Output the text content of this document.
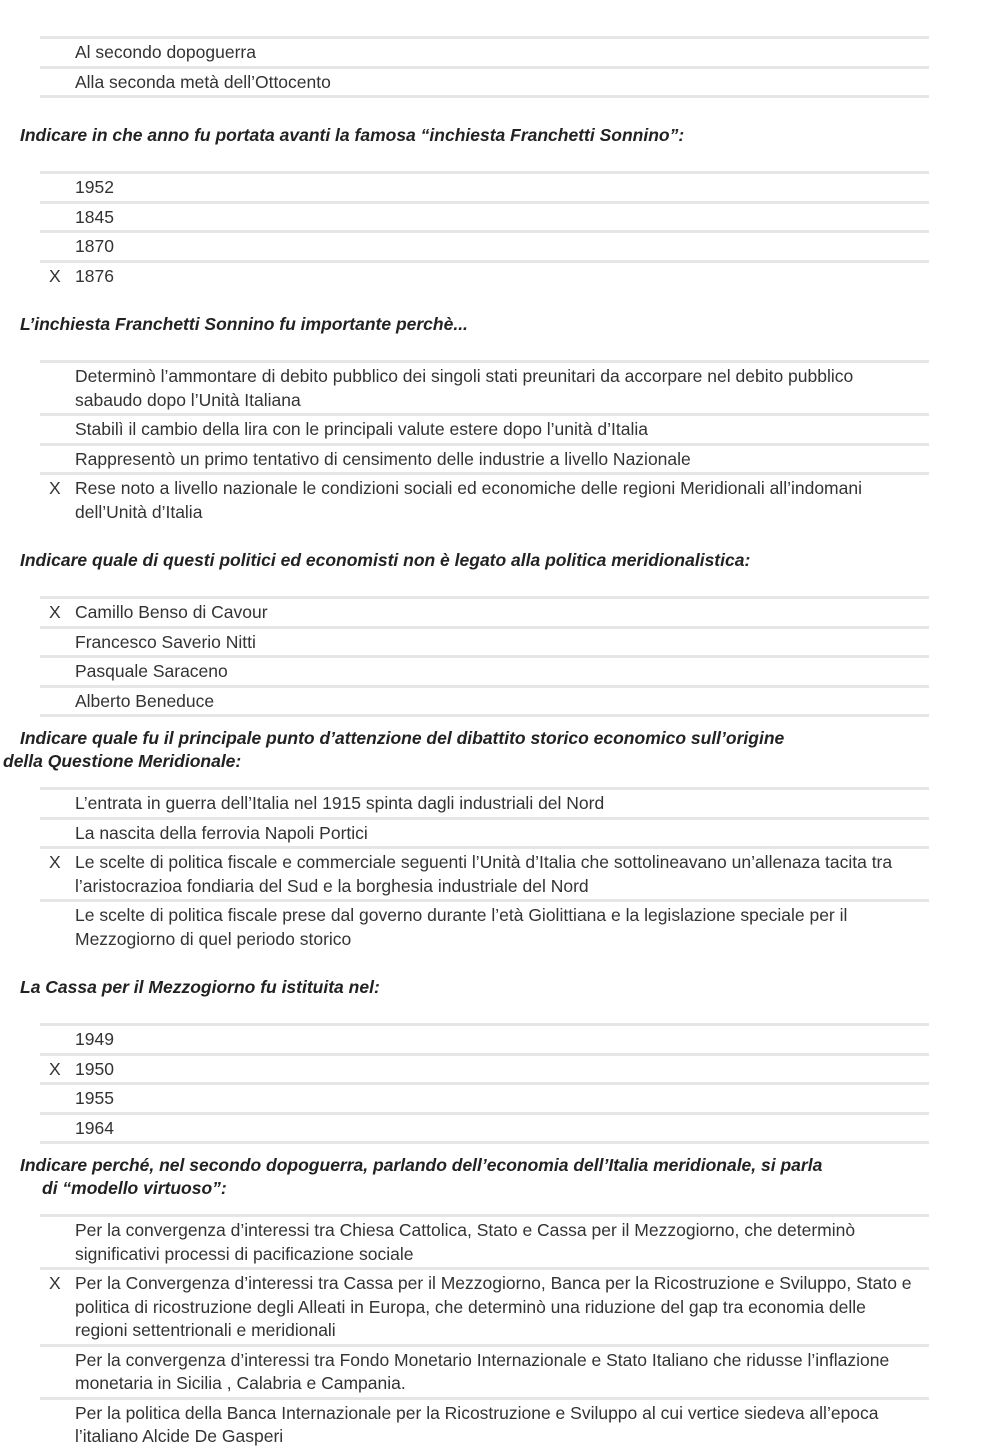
Al secondo dopoguerra
Alla seconda metà dell’Ottocento
Indicare in che anno fu portata avanti la famosa “inchiesta Franchetti Sonnino”:
1952
1845
1870
X 1876
L’inchiesta Franchetti Sonnino fu importante perchè...
Determinò l’ammontare di debito pubblico dei singoli stati preunitari da accorpare nel debito pubblico sabaudo dopo l’Unità Italiana
Stabilì il cambio della lira con le principali valute estere dopo l’unità d’Italia
Rappresentò un primo tentativo di censimento delle industrie a livello Nazionale
X Rese noto a livello nazionale le condizioni sociali ed economiche delle regioni Meridionali all’indomani dell’Unità d’Italia
Indicare quale di questi politici ed economisti non è legato alla politica meridionalistica:
X Camillo Benso di Cavour
Francesco Saverio Nitti
Pasquale Saraceno
Alberto Beneduce
Indicare quale fu il principale punto d’attenzione del dibattito storico economico sull’origine
della Questione Meridionale:
L’entrata in guerra dell’Italia nel 1915 spinta dagli industriali del Nord
La nascita della ferrovia Napoli Portici
X Le scelte di politica fiscale e commerciale seguenti l’Unità d’Italia che sottolineavano un’allenaza tacita tra l’aristocrazioa fondiaria del Sud e la borghesia industriale del Nord
Le scelte di politica fiscale prese dal governo durante l’età Giolittiana e la legislazione speciale per il Mezzogiorno di quel periodo storico
La Cassa per il Mezzogiorno fu istituita nel:
1949
X 1950
1955
1964
Indicare perché, nel secondo dopoguerra, parlando dell’economia dell’Italia meridionale, si parla
di “modello virtuoso”:
Per la convergenza d’interessi tra Chiesa Cattolica, Stato e Cassa per il Mezzogiorno, che determinò significativi processi di pacificazione sociale
X Per la Convergenza d’interessi tra Cassa per il Mezzogiorno, Banca per la Ricostruzione e Sviluppo, Stato e politica di ricostruzione degli Alleati in Europa, che determinò una riduzione del gap tra economia delle regioni settentrionali e meridionali
Per la convergenza d’interessi tra Fondo Monetario Internazionale e Stato Italiano che ridusse l’inflazione monetaria in Sicilia , Calabria e Campania.
Per la politica della Banca Internazionale per la Ricostruzione e Sviluppo al cui vertice siedeva all’epoca l’italiano Alcide De Gasperi
